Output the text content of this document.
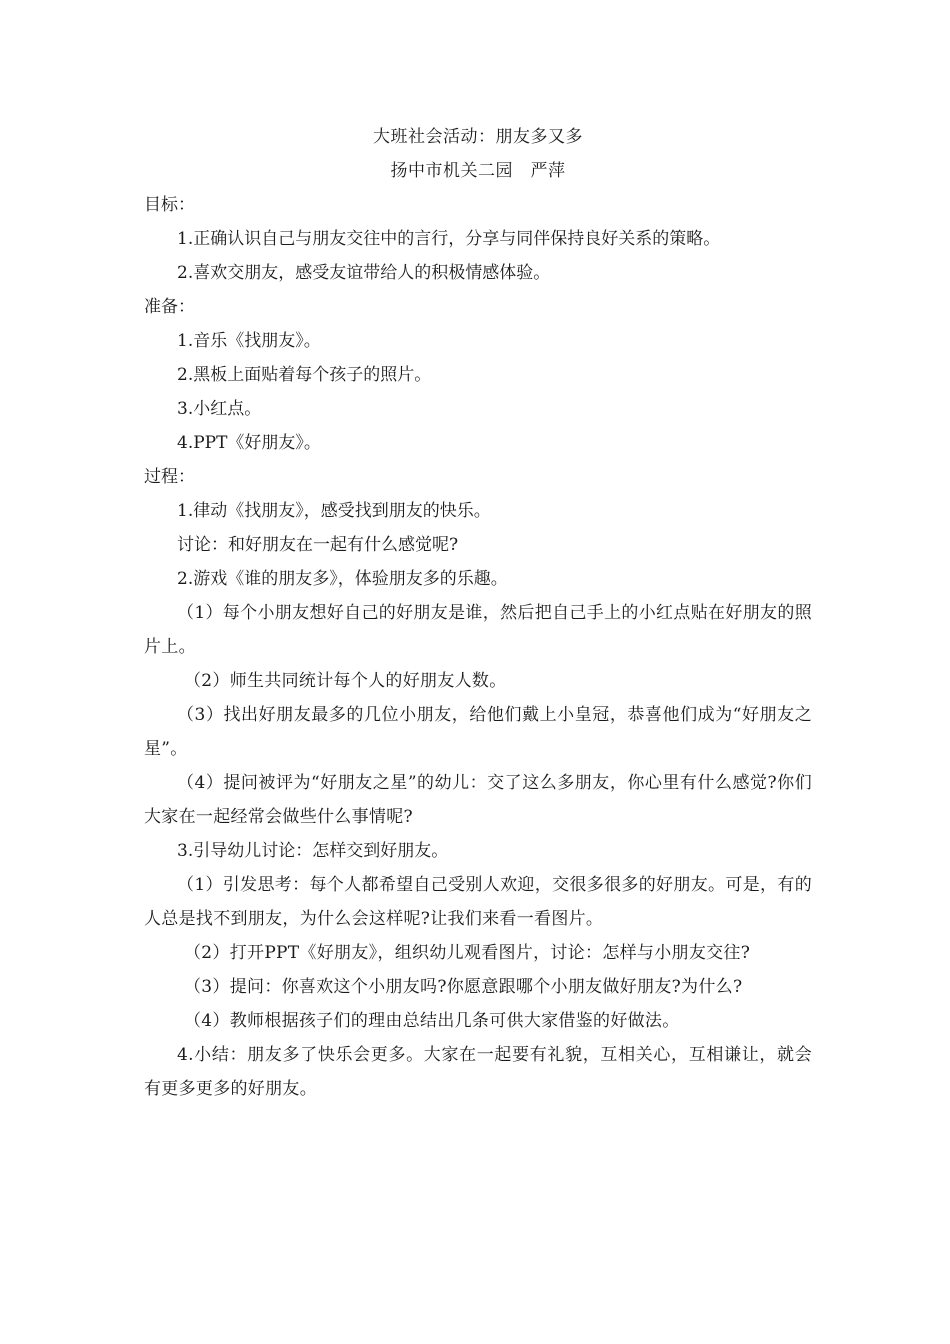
大班社会活动：朋友多又多

扬中市机关二园　严萍

目标：

1.正确认识自己与朋友交往中的言行，分享与同伴保持良好关系的策略。

2.喜欢交朋友，感受友谊带给人的积极情感体验。

准备：

1.音乐《找朋友》。

2.黑板上面贴着每个孩子的照片。

3.小红点。

4.PPT《好朋友》。

过程：

1.律动《找朋友》，感受找到朋友的快乐。

讨论：和好朋友在一起有什么感觉呢?

2.游戏《谁的朋友多》，体验朋友多的乐趣。

（1）每个小朋友想好自己的好朋友是谁，然后把自己手上的小红点贴在好朋友的照片上。

（2）师生共同统计每个人的好朋友人数。

（3）找出好朋友最多的几位小朋友，给他们戴上小皇冠，恭喜他们成为“好朋友之星”。

（4）提问被评为“好朋友之星”的幼儿：交了这么多朋友，你心里有什么感觉?你们大家在一起经常会做些什么事情呢?

3.引导幼儿讨论：怎样交到好朋友。

（1）引发思考：每个人都希望自己受别人欢迎，交很多很多的好朋友。可是，有的人总是找不到朋友，为什么会这样呢?让我们来看一看图片。

（2）打开PPT《好朋友》，组织幼儿观看图片，讨论：怎样与小朋友交往?

（3）提问：你喜欢这个小朋友吗?你愿意跟哪个小朋友做好朋友?为什么?

（4）教师根据孩子们的理由总结出几条可供大家借鉴的好做法。

4.小结：朋友多了快乐会更多。大家在一起要有礼貌，互相关心，互相谦让，就会有更多更多的好朋友。
